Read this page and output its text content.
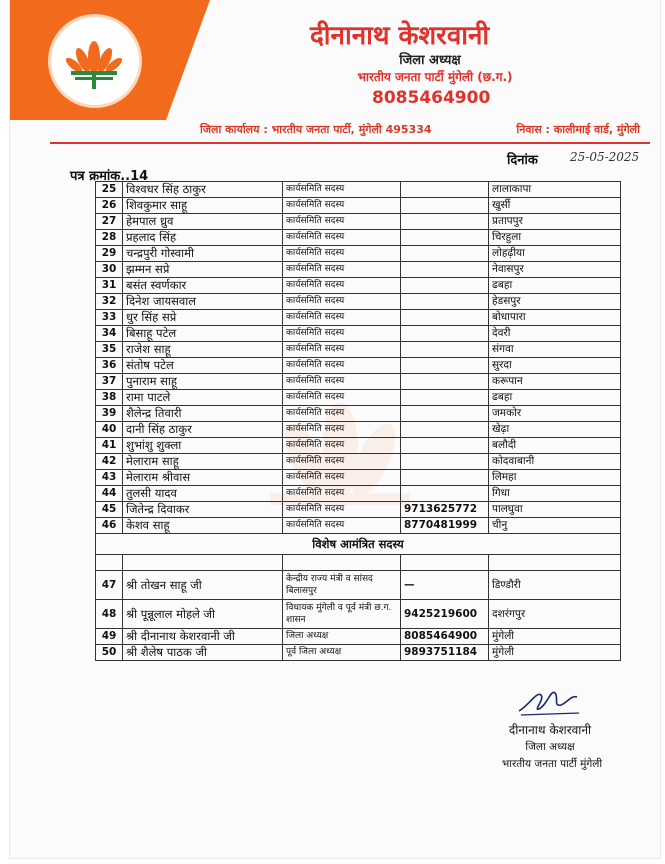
दीनानाथ केशरवानी
जिला अध्यक्ष
भारतीय जनता पार्टी मुंगेली (छ.ग.)
8085464900
जिला कार्यालय : भारतीय जनता पार्टी, मुंगेली 495334	निवास : कालीमाई वार्ड, मुंगेली
पत्र क्रमांक..14
दिनांक	25-05-2025
25	विश्वधर सिंह ठाकुर	कार्यसमिति सदस्य		लालाकापा
26	शिवकुमार साहू	कार्यसमिति सदस्य		खुर्सी
27	हेमपाल ध्रुव	कार्यसमिति सदस्य		प्रतापपुर
28	प्रहलाद सिंह	कार्यसमिति सदस्य		चिरहुला
29	चन्द्रपुरी गोस्वामी	कार्यसमिति सदस्य		लोहढ़ीया
30	झम्मन सप्रे	कार्यसमिति सदस्य		नेवासपुर
31	बसंत स्वर्णकार	कार्यसमिति सदस्य		ढबहा
32	दिनेश जायसवाल	कार्यसमिति सदस्य		हेडसपुर
33	धुर सिंह सप्रे	कार्यसमिति सदस्य		बोधापारा
34	बिसाहू पटेल	कार्यसमिति सदस्य		देवरी
35	राजेश साहू	कार्यसमिति सदस्य		संगवा
36	संतोष पटेल	कार्यसमिति सदस्य		सुरदा
37	पुनाराम साहू	कार्यसमिति सदस्य		करूपान
38	रामा पाटले	कार्यसमिति सदस्य		ढबहा
39	शैलेन्द्र तिवारी	कार्यसमिति सदस्य		जमकोर
40	दानी सिंह ठाकुर	कार्यसमिति सदस्य		खेढ़ा
41	शुभांशु शुक्ला	कार्यसमिति सदस्य		बलौदी
42	मेलाराम साहू	कार्यसमिति सदस्य		कोदवाबानी
43	मेलाराम श्रीवास	कार्यसमिति सदस्य		लिमहा
44	तुलसी यादव	कार्यसमिति सदस्य		गिधा
45	जितेन्द्र दिवाकर	कार्यसमिति सदस्य	9713625772	पालघुवा
46	केशव साहू	कार्यसमिति सदस्य	8770481999	चीनु
विशेष आमंत्रित सदस्य				

47	श्री तोखन साहू जी	केन्द्रीय राज्य मंत्री व सांसद बिलासपुर	—	डिण्डौरी
48	श्री पून्नूलाल मोहले जी	विधायक मुंगेली व पूर्व मंत्री छ.ग. शासन	9425219600	दशरंगपुर
49	श्री दीनानाथ केशरवानी जी	जिला अध्यक्ष	8085464900	मुंगेली
50	श्री शैलेष पाठक जी	पूर्व जिला अध्यक्ष	9893751184	मुंगेली
दीनानाथ केशरवानी
जिला अध्यक्ष
भारतीय जनता पार्टी मुंगेली
